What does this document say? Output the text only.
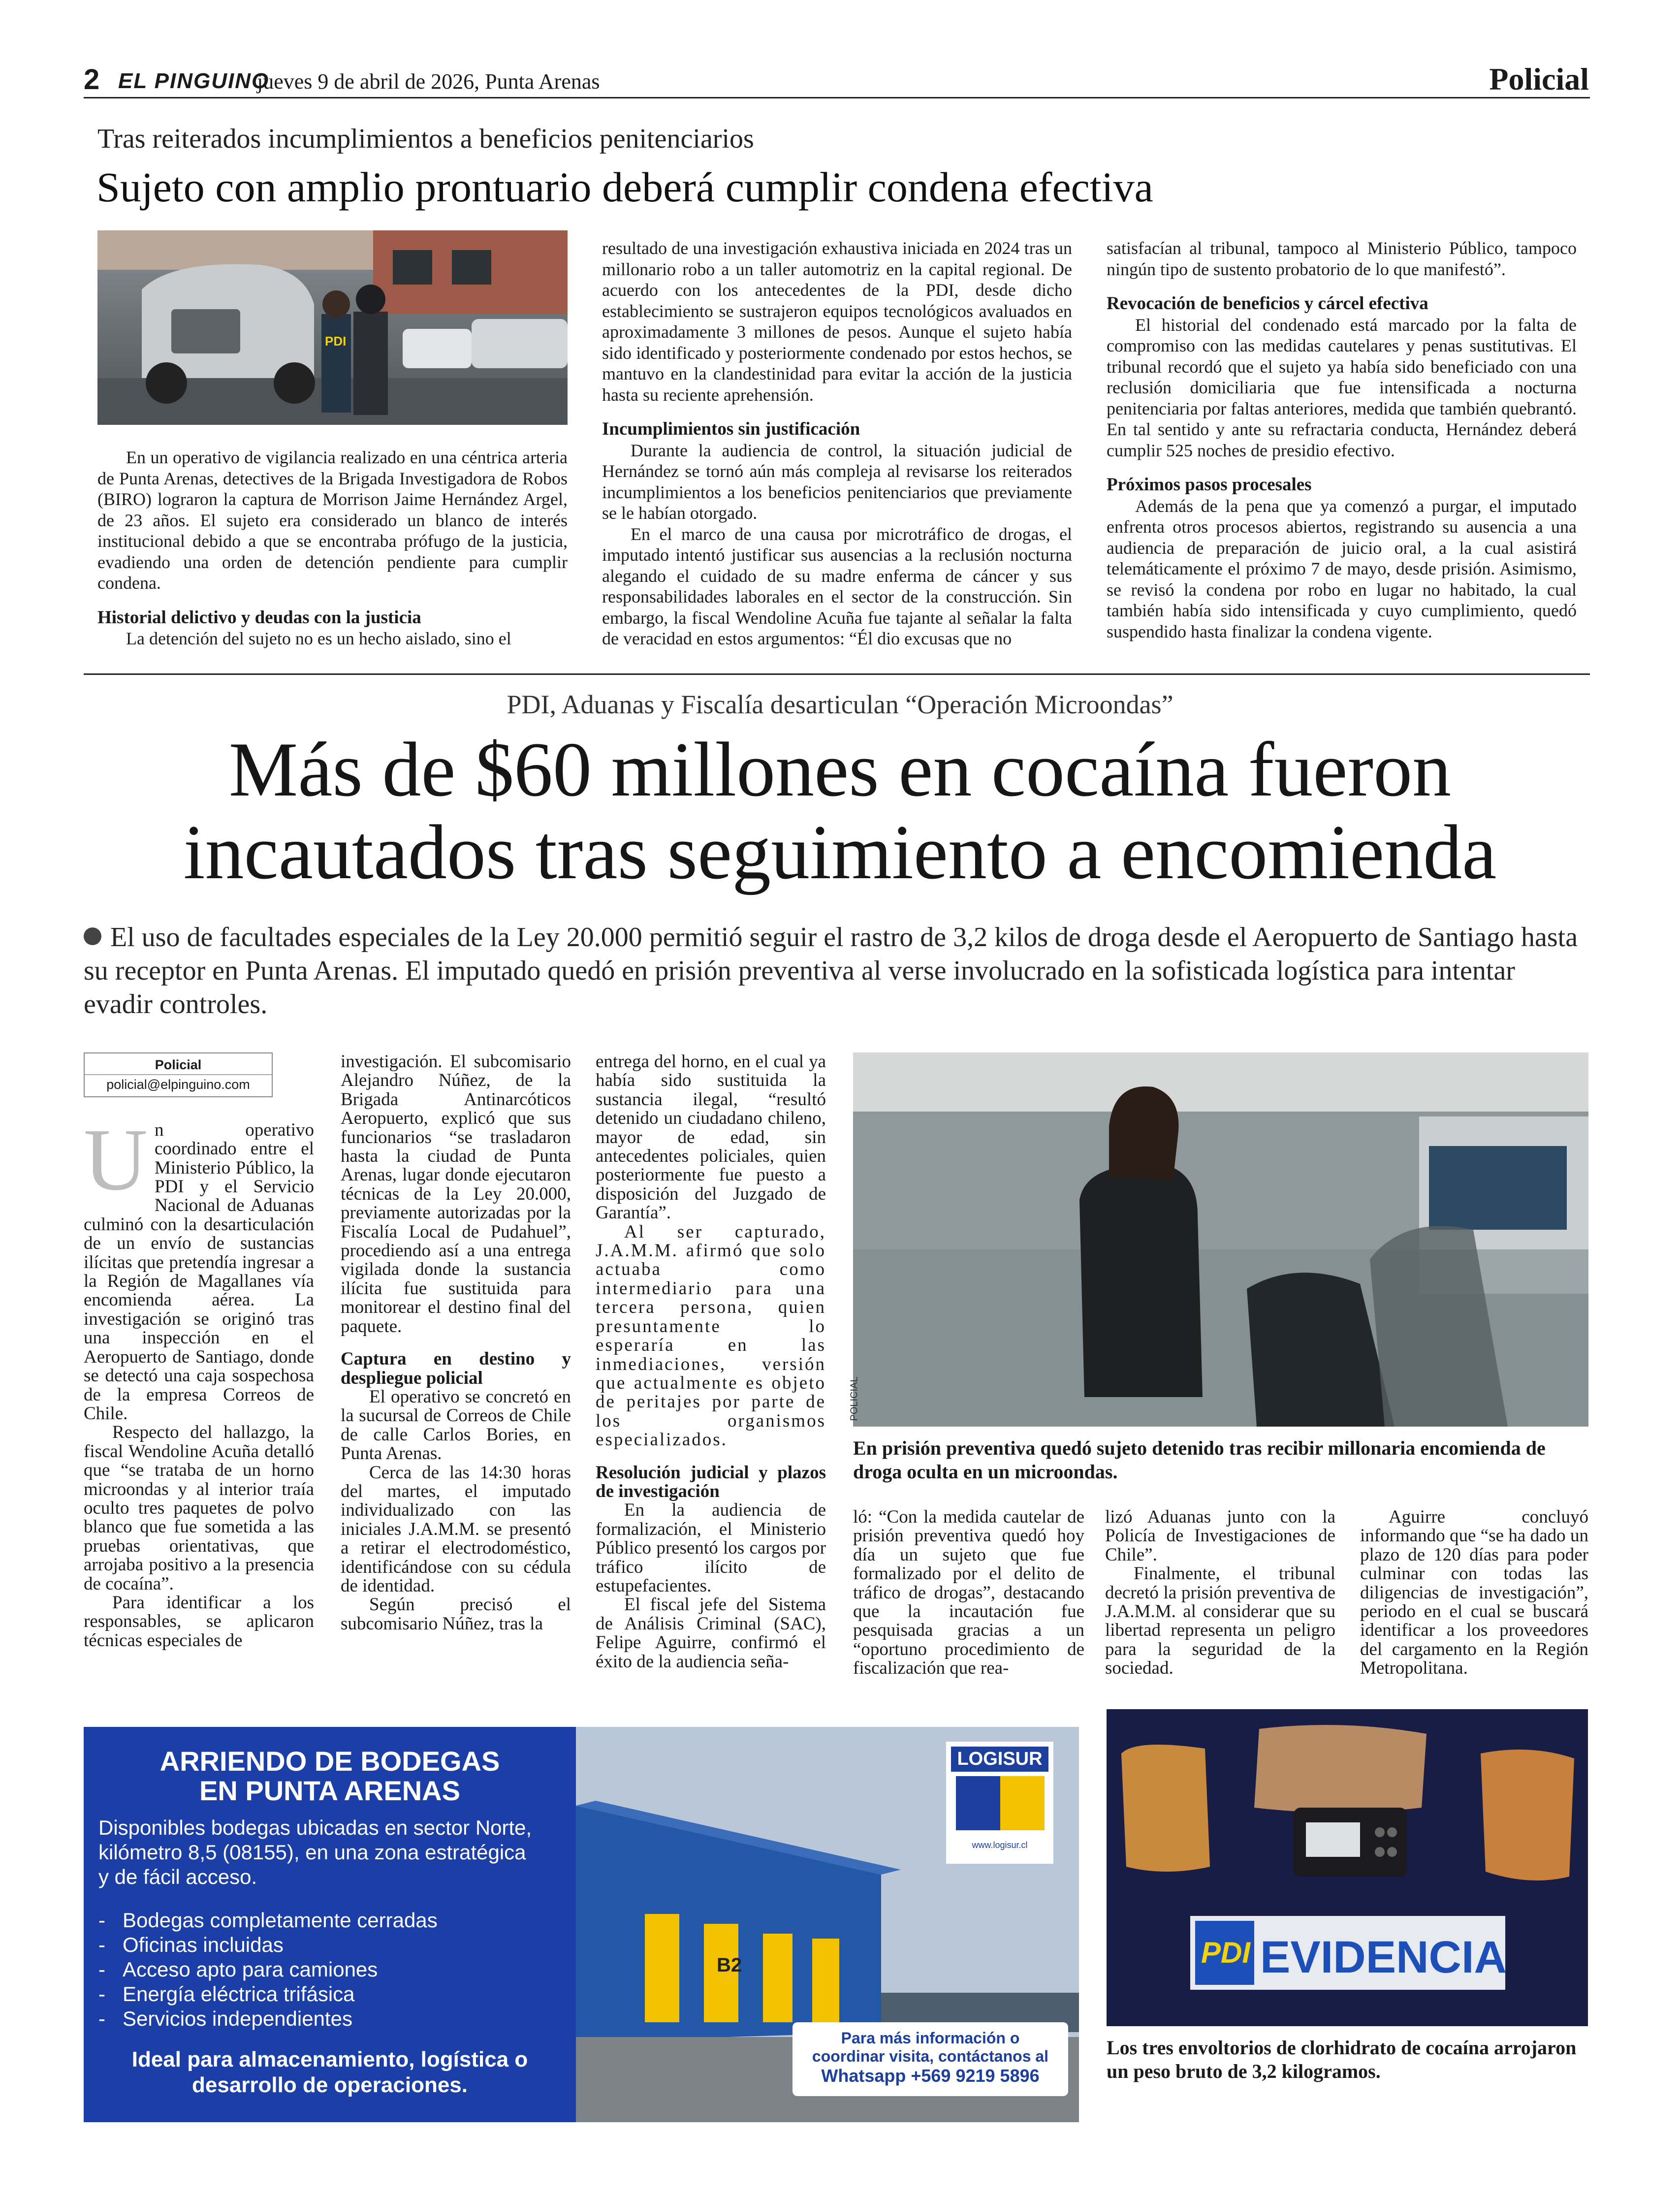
2 EL PINGUINO
jueves 9 de abril de 2026, Punta Arenas	Policial
Tras reiterados incumplimientos a beneficios penitenciarios
Sujeto con amplio prontuario deberá cumplir condena efectiva
PDI

En un operativo de vigilancia realizado en una céntrica arteria de Punta Arenas, detectives de la Brigada Investigadora de Robos (BIRO) lograron la captura de Morrison Jaime Hernández Argel, de 23 años. El sujeto era considerado un blanco de interés institucional debido a que se encontraba prófugo de la justicia, evadiendo una orden de detención pendiente para cumplir condena.

Historial delictivo y deudas con la justicia

La detención del sujeto no es un hecho aislado, sino el

resultado de una investigación exhaustiva iniciada en 2024 tras un millonario robo a un taller automotriz en la capital regional. De acuerdo con los antecedentes de la PDI, desde dicho establecimiento se sustrajeron equipos tecnológicos avaluados en aproximadamente 3 millones de pesos. Aunque el sujeto había sido identificado y posteriormente condenado por estos hechos, se mantuvo en la clandestinidad para evitar la acción de la justicia hasta su reciente aprehensión.

Incumplimientos sin justificación

Durante la audiencia de control, la situación judicial de Hernández se tornó aún más compleja al revisarse los reiterados incumplimientos a los beneficios penitenciarios que previamente se le habían otorgado.

En el marco de una causa por microtráfico de drogas, el imputado intentó justificar sus ausencias a la reclusión nocturna alegando el cuidado de su madre enferma de cáncer y sus responsabilidades laborales en el sector de la construcción. Sin embargo, la fiscal Wendoline Acuña fue tajante al señalar la falta de veracidad en estos argumentos: “Él dio excusas que no

satisfacían al tribunal, tampoco al Ministerio Público, tampoco ningún tipo de sustento probatorio de lo que manifestó”.

Revocación de beneficios y cárcel efectiva

El historial del condenado está marcado por la falta de compromiso con las medidas cautelares y penas sustitutivas. El tribunal recordó que el sujeto ya había sido beneficiado con una reclusión domiciliaria que fue intensificada a nocturna penitenciaria por faltas anteriores, medida que también quebrantó. En tal sentido y ante su refractaria conducta, Hernández deberá cumplir 525 noches de presidio efectivo.

Próximos pasos procesales

Además de la pena que ya comenzó a purgar, el imputado enfrenta otros procesos abiertos, registrando su ausencia a una audiencia de preparación de juicio oral, a la cual asistirá telemáticamente el próximo 7 de mayo, desde prisión. Asimismo, se revisó la condena por robo en lugar no habitado, la cual también había sido intensificada y cuyo cumplimiento, quedó suspendido hasta finalizar la condena vigente.

PDI, Aduanas y Fiscalía desarticulan “Operación Microondas”
Más de $60 millones en cocaína fueron
incautados tras seguimiento a encomienda
El uso de facultades especiales de la Ley 20.000 permitió seguir el rastro de 3,2 kilos de droga desde el Aeropuerto de Santiago hasta su receptor en Punta Arenas. El imputado quedó en prisión preventiva al verse involucrado en la sofisticada logística para intentar evadir controles.
Policial
policial@elpinguino.com
U n operativo coordinado entre el Ministerio Público, la PDI y el Servicio Nacional de Aduanas culminó con la desarticulación de un envío de sustancias ilícitas que pretendía ingresar a la Región de Magallanes vía encomienda aérea. La investigación se originó tras una inspección en el Aeropuerto de Santiago, donde se detectó una caja sospechosa de la empresa Correos de Chile.

Respecto del hallazgo, la fiscal Wendoline Acuña detalló que “se trataba de un horno microondas y al interior traía oculto tres paquetes de polvo blanco que fue sometida a las pruebas orientativas, que arrojaba positivo a la presencia de cocaína”.

Para identificar a los responsables, se aplicaron técnicas especiales de

investigación. El subcomisario Alejandro Núñez, de la Brigada Antinarcóticos Aeropuerto, explicó que sus funcionarios “se trasladaron hasta la ciudad de Punta Arenas, lugar donde ejecutaron técnicas de la Ley 20.000, previamente autorizadas por la Fiscalía Local de Pudahuel”, procediendo así a una entrega vigilada donde la sustancia ilícita fue sustituida para monitorear el destino final del paquete.

Captura en destino y despliegue policial

El operativo se concretó en la sucursal de Correos de Chile de calle Carlos Bories, en Punta Arenas.

Cerca de las 14:30 horas del martes, el imputado individualizado con las iniciales J.A.M.M. se presentó a retirar el electrodoméstico, identificándose con su cédula de identidad.

Según precisó el subcomisario Núñez, tras la

entrega del horno, en el cual ya había sido sustituida la sustancia ilegal, “resultó detenido un ciudadano chileno, mayor de edad, sin antecedentes policiales, quien posteriormente fue puesto a disposición del Juzgado de Garantía”.

Al ser capturado, J.A.M.M. afirmó que solo actuaba como intermediario para una tercera persona, quien presuntamente lo esperaría en las inmediaciones, versión que actualmente es objeto de peritajes por parte de los organismos especializados.

Resolución judicial y plazos de investigación

En la audiencia de formalización, el Ministerio Público presentó los cargos por tráfico ilícito de estupefacientes.

El fiscal jefe del Sistema de Análisis Criminal (SAC), Felipe Aguirre, confirmó el éxito de la audiencia seña-

POLICIAL
En prisión preventiva quedó sujeto detenido tras recibir millonaria encomienda de droga oculta en un microondas.

ló: “Con la medida cautelar de prisión preventiva quedó hoy día un sujeto que fue formalizado por el delito de tráfico de drogas”, destacando que la incautación fue pesquisada gracias a un “oportuno procedimiento de fiscalización que rea-

lizó Aduanas junto con la Policía de Investigaciones de Chile”.

Finalmente, el tribunal decretó la prisión preventiva de J.A.M.M. al considerar que su libertad representa un peligro para la seguridad de la sociedad.

Aguirre concluyó informando que “se ha dado un plazo de 120 días para poder culminar con todas las diligencias de investigación”, periodo en el cual se buscará identificar a los proveedores del cargamento en la Región Metropolitana.

PDI EVIDENCIA
Los tres envoltorios de clorhidrato de cocaína arrojaron un peso bruto de 3,2 kilogramos.
B2
LOGISUR
www.logisur.cl
Para más información o
coordinar visita, contáctanos al
Whatsapp +569 9219 5896
ARRIENDO DE BODEGAS
EN PUNTA ARENAS
Disponibles bodegas ubicadas en sector Norte, kilómetro 8,5 (08155), en una zona estratégica y de fácil acceso.
-   Bodegas completamente cerradas
-   Oficinas incluidas
-   Acceso apto para camiones
-   Energía eléctrica trifásica
-   Servicios independientes
Ideal para almacenamiento, logística o desarrollo de operaciones.
